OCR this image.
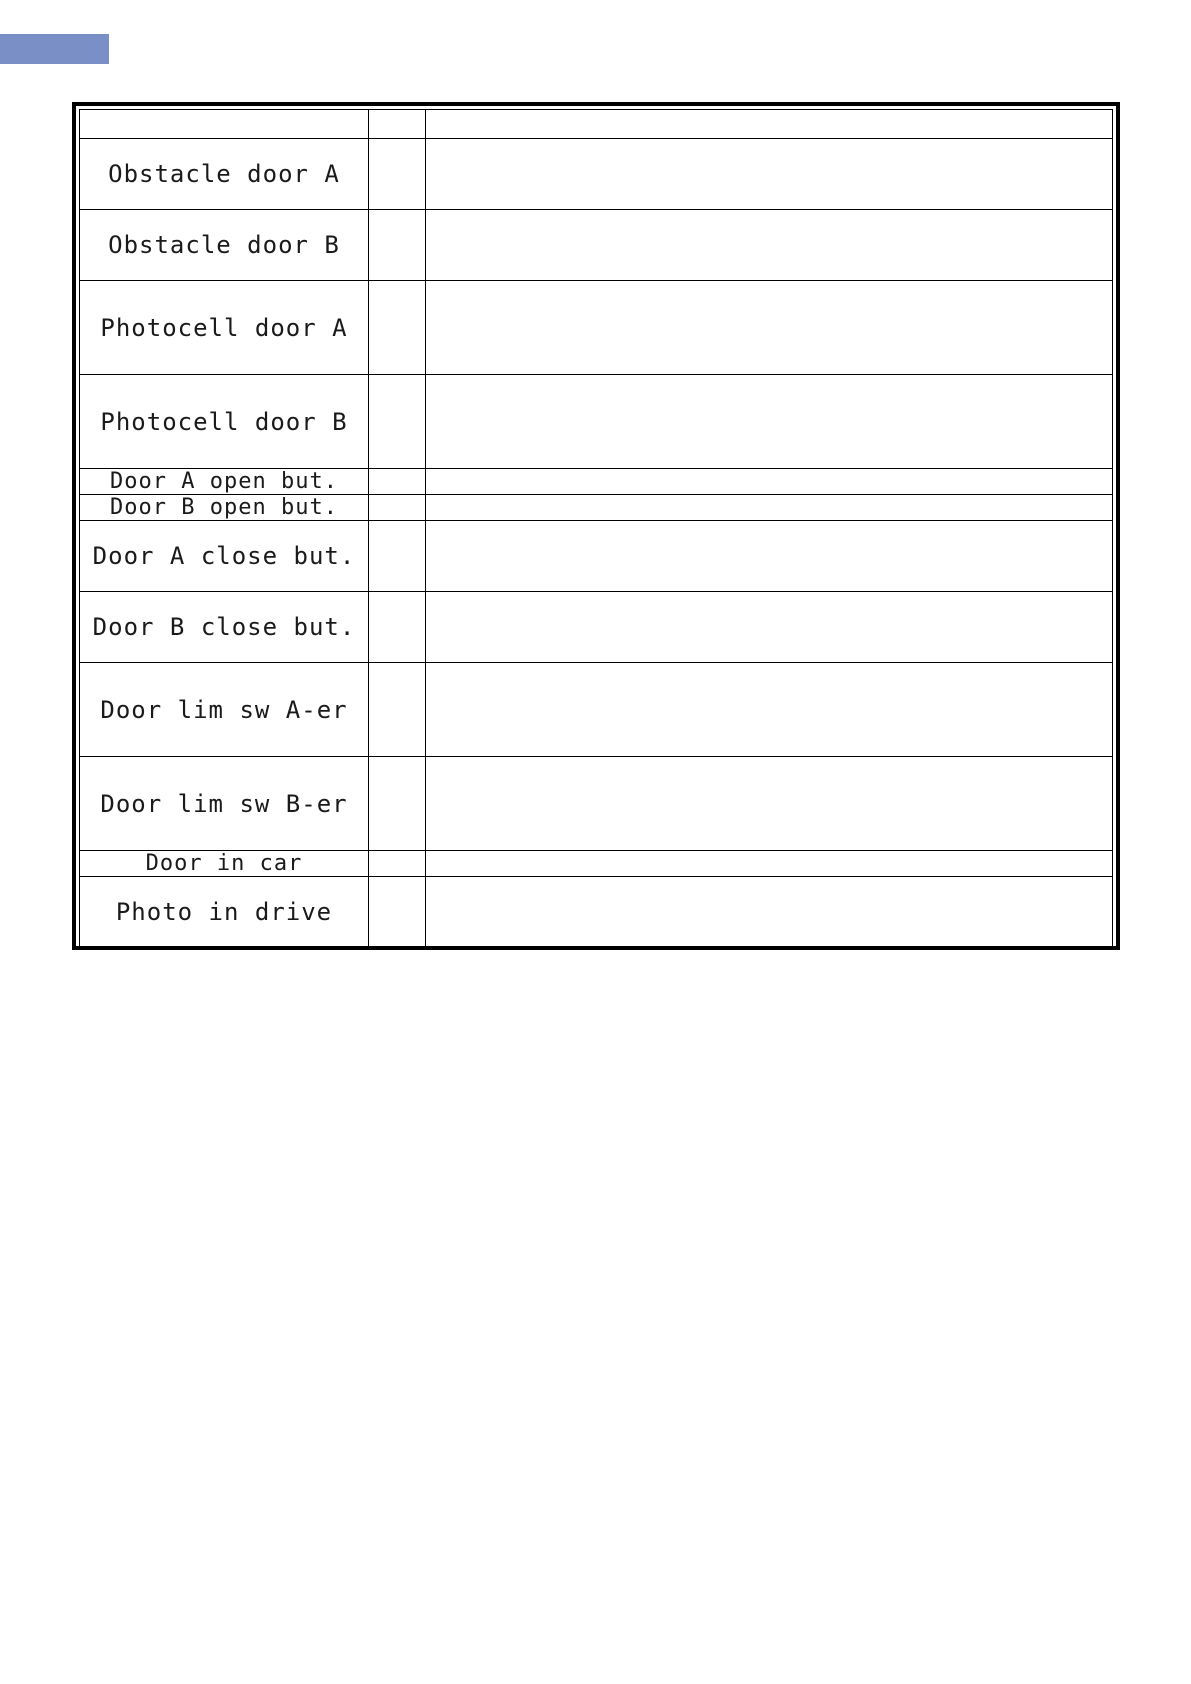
Obstacle door A		
Obstacle door B		
Photocell door A		
Photocell door B		
Door A open but.		
Door B open but.		
Door A close but.		
Door B close but.		
Door lim sw A-er		
Door lim sw B-er		
Door in car		
Photo in drive		
